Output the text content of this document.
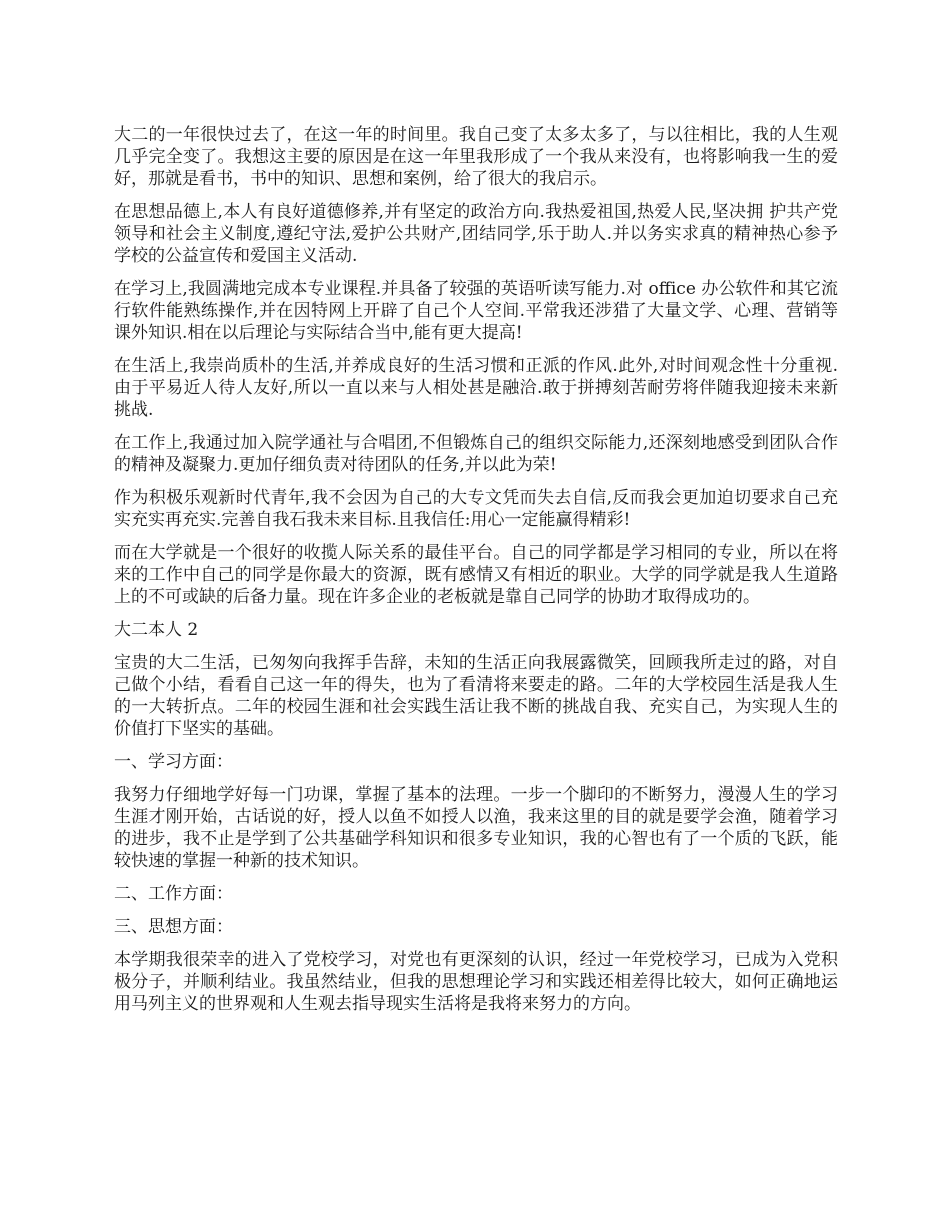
大二的一年很快过去了，在这一年的时间里。我自己变了太多太多了，与以往相比，我的人生观几乎完全变了。我想这主要的原因是在这一年里我形成了一个我从来没有，也将影响我一生的爱好，那就是看书，书中的知识、思想和案例，给了很大的我启示。

在思想品德上,本人有良好道德修养,并有坚定的政治方向.我热爱祖国,热爱人民,坚决拥 护共产党领导和社会主义制度,遵纪守法,爱护公共财产,团结同学,乐于助人.并以务实求真的精神热心参予学校的公益宣传和爱国主义活动.

在学习上,我圆满地完成本专业课程.并具备了较强的英语听读写能力.对 office 办公软件和其它流行软件能熟练操作,并在因特网上开辟了自己个人空间.平常我还涉猎了大量文学、心理、营销等课外知识.相在以后理论与实际结合当中,能有更大提高!

在生活上,我崇尚质朴的生活,并养成良好的生活习惯和正派的作风.此外,对时间观念性十分重视.由于平易近人待人友好,所以一直以来与人相处甚是融洽.敢于拼搏刻苦耐劳将伴随我迎接未来新挑战.

在工作上,我通过加入院学通社与合唱团,不但锻炼自己的组织交际能力,还深刻地感受到团队合作的精神及凝聚力.更加仔细负责对待团队的任务,并以此为荣!

作为积极乐观新时代青年,我不会因为自己的大专文凭而失去自信,反而我会更加迫切要求自己充实充实再充实.完善自我石我未来目标.且我信任:用心一定能赢得精彩!

而在大学就是一个很好的收揽人际关系的最佳平台。自己的同学都是学习相同的专业，所以在将来的工作中自己的同学是你最大的资源，既有感情又有相近的职业。大学的同学就是我人生道路上的不可或缺的后备力量。现在许多企业的老板就是靠自己同学的协助才取得成功的。

大二本人 2

宝贵的大二生活，已匆匆向我挥手告辞，未知的生活正向我展露微笑，回顾我所走过的路，对自己做个小结，看看自己这一年的得失，也为了看清将来要走的路。二年的大学校园生活是我人生的一大转折点。二年的校园生涯和社会实践生活让我不断的挑战自我、充实自己，为实现人生的价值打下坚实的基础。

一、学习方面：

我努力仔细地学好每一门功课，掌握了基本的法理。一步一个脚印的不断努力，漫漫人生的学习生涯才刚开始，古话说的好，授人以鱼不如授人以渔，我来这里的目的就是要学会渔，随着学习的进步，我不止是学到了公共基础学科知识和很多专业知识，我的心智也有了一个质的飞跃，能较快速的掌握一种新的技术知识。

二、工作方面：

三、思想方面：

本学期我很荣幸的进入了党校学习，对党也有更深刻的认识，经过一年党校学习，已成为入党积极分子，并顺利结业。我虽然结业，但我的思想理论学习和实践还相差得比较大，如何正确地运用马列主义的世界观和人生观去指导现实生活将是我将来努力的方向。
